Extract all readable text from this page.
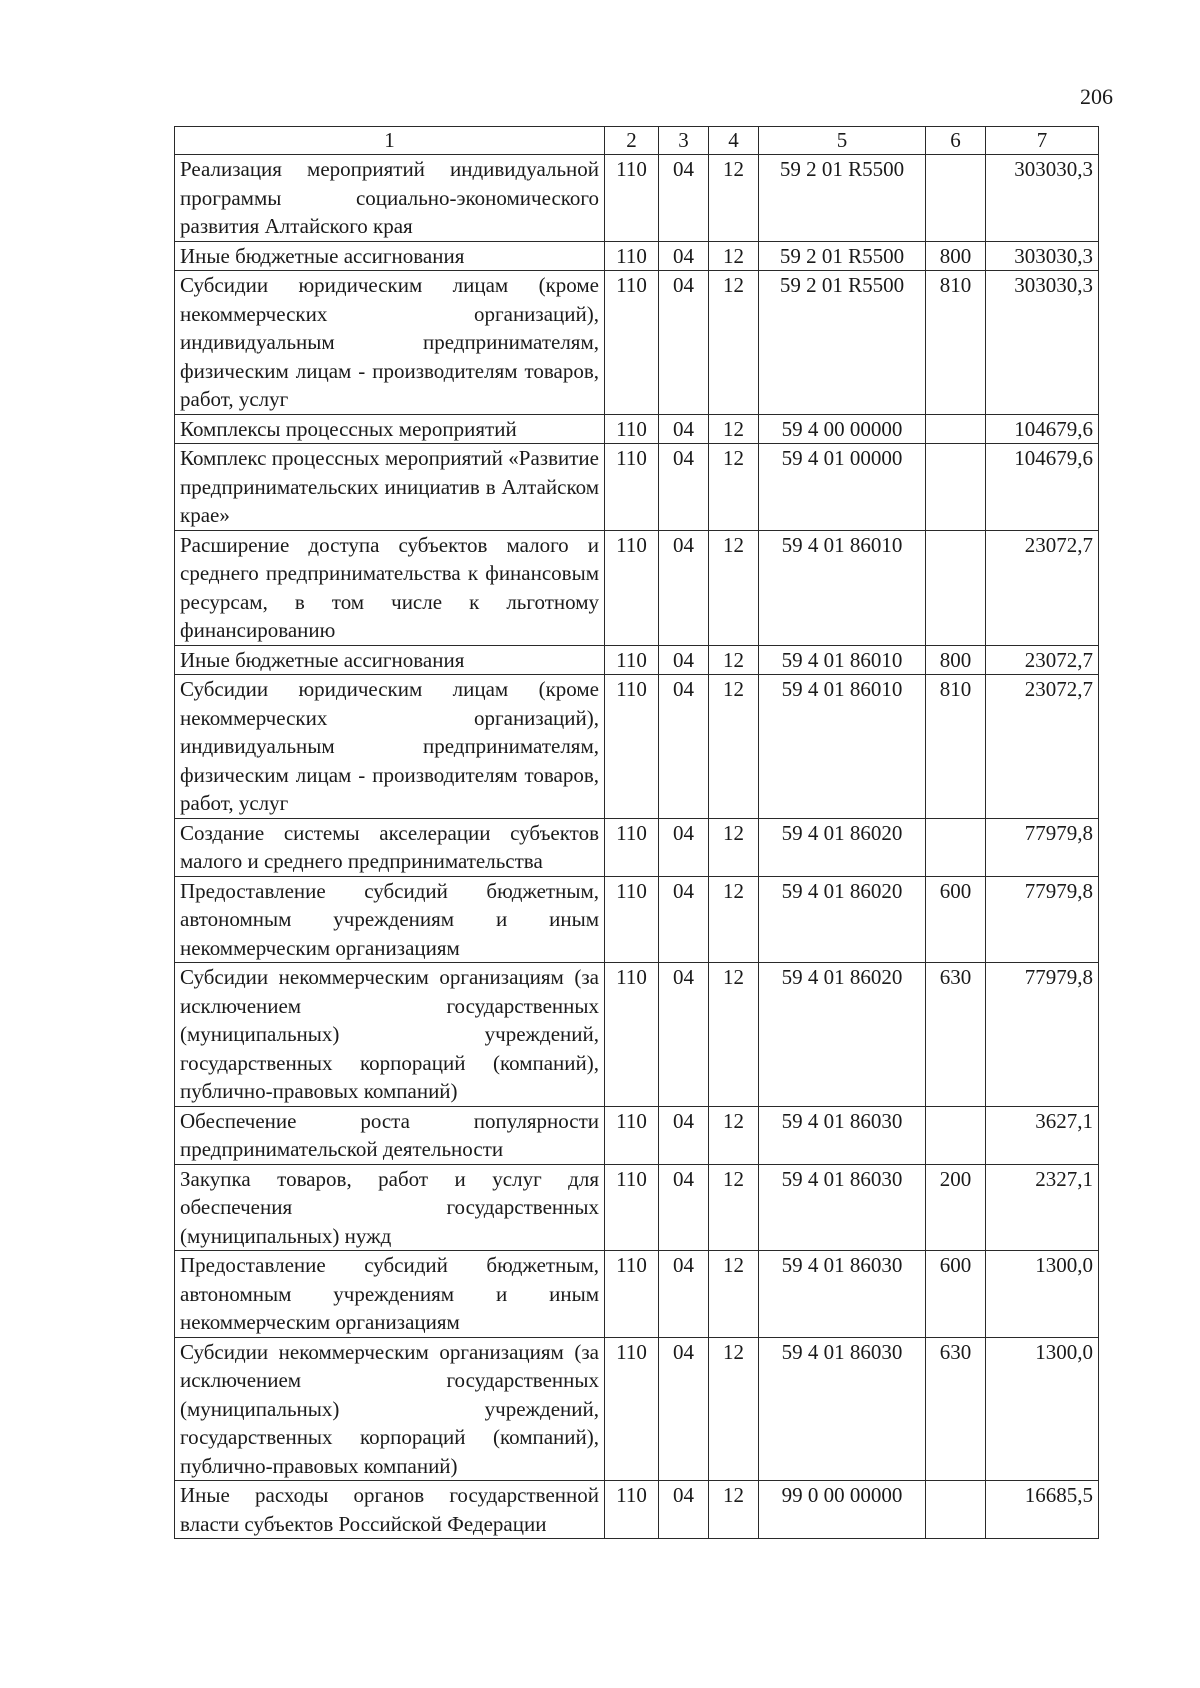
206
1	2	3	4	5	6	7
Реализация мероприятий индивидуальной программы социально-экономического развития Алтайского края	110	04	12	59 2 01 R5500		303030,3
Иные бюджетные ассигнования	110	04	12	59 2 01 R5500	800	303030,3
Субсидии юридическим лицам (кроме некоммерческих организаций), индивидуальным предпринимателям, физическим лицам - производителям товаров, работ, услуг	110	04	12	59 2 01 R5500	810	303030,3
Комплексы процессных мероприятий	110	04	12	59 4 00 00000		104679,6
Комплекс процессных мероприятий «Развитие предпринимательских инициатив в Алтайском крае»	110	04	12	59 4 01 00000		104679,6
Расширение доступа субъектов малого и среднего предпринимательства к финансовым ресурсам, в том числе к льготному финансированию	110	04	12	59 4 01 86010		23072,7
Иные бюджетные ассигнования	110	04	12	59 4 01 86010	800	23072,7
Субсидии юридическим лицам (кроме некоммерческих организаций), индивидуальным предпринимателям, физическим лицам - производителям товаров, работ, услуг	110	04	12	59 4 01 86010	810	23072,7
Создание системы акселерации субъектов малого и среднего предпринимательства	110	04	12	59 4 01 86020		77979,8
Предоставление субсидий бюджетным, автономным учреждениям и иным некоммерческим организациям	110	04	12	59 4 01 86020	600	77979,8
Субсидии некоммерческим организациям (за исключением государственных (муниципальных) учреждений, государственных корпораций (компаний), публично-правовых компаний)	110	04	12	59 4 01 86020	630	77979,8
Обеспечение роста популярности предпринимательской деятельности	110	04	12	59 4 01 86030		3627,1
Закупка товаров, работ и услуг для обеспечения государственных (муниципальных) нужд	110	04	12	59 4 01 86030	200	2327,1
Предоставление субсидий бюджетным, автономным учреждениям и иным некоммерческим организациям	110	04	12	59 4 01 86030	600	1300,0
Субсидии некоммерческим организациям (за исключением государственных (муниципальных) учреждений, государственных корпораций (компаний), публично-правовых компаний)	110	04	12	59 4 01 86030	630	1300,0
Иные расходы органов государственной власти субъектов Российской Федерации	110	04	12	99 0 00 00000		16685,5
